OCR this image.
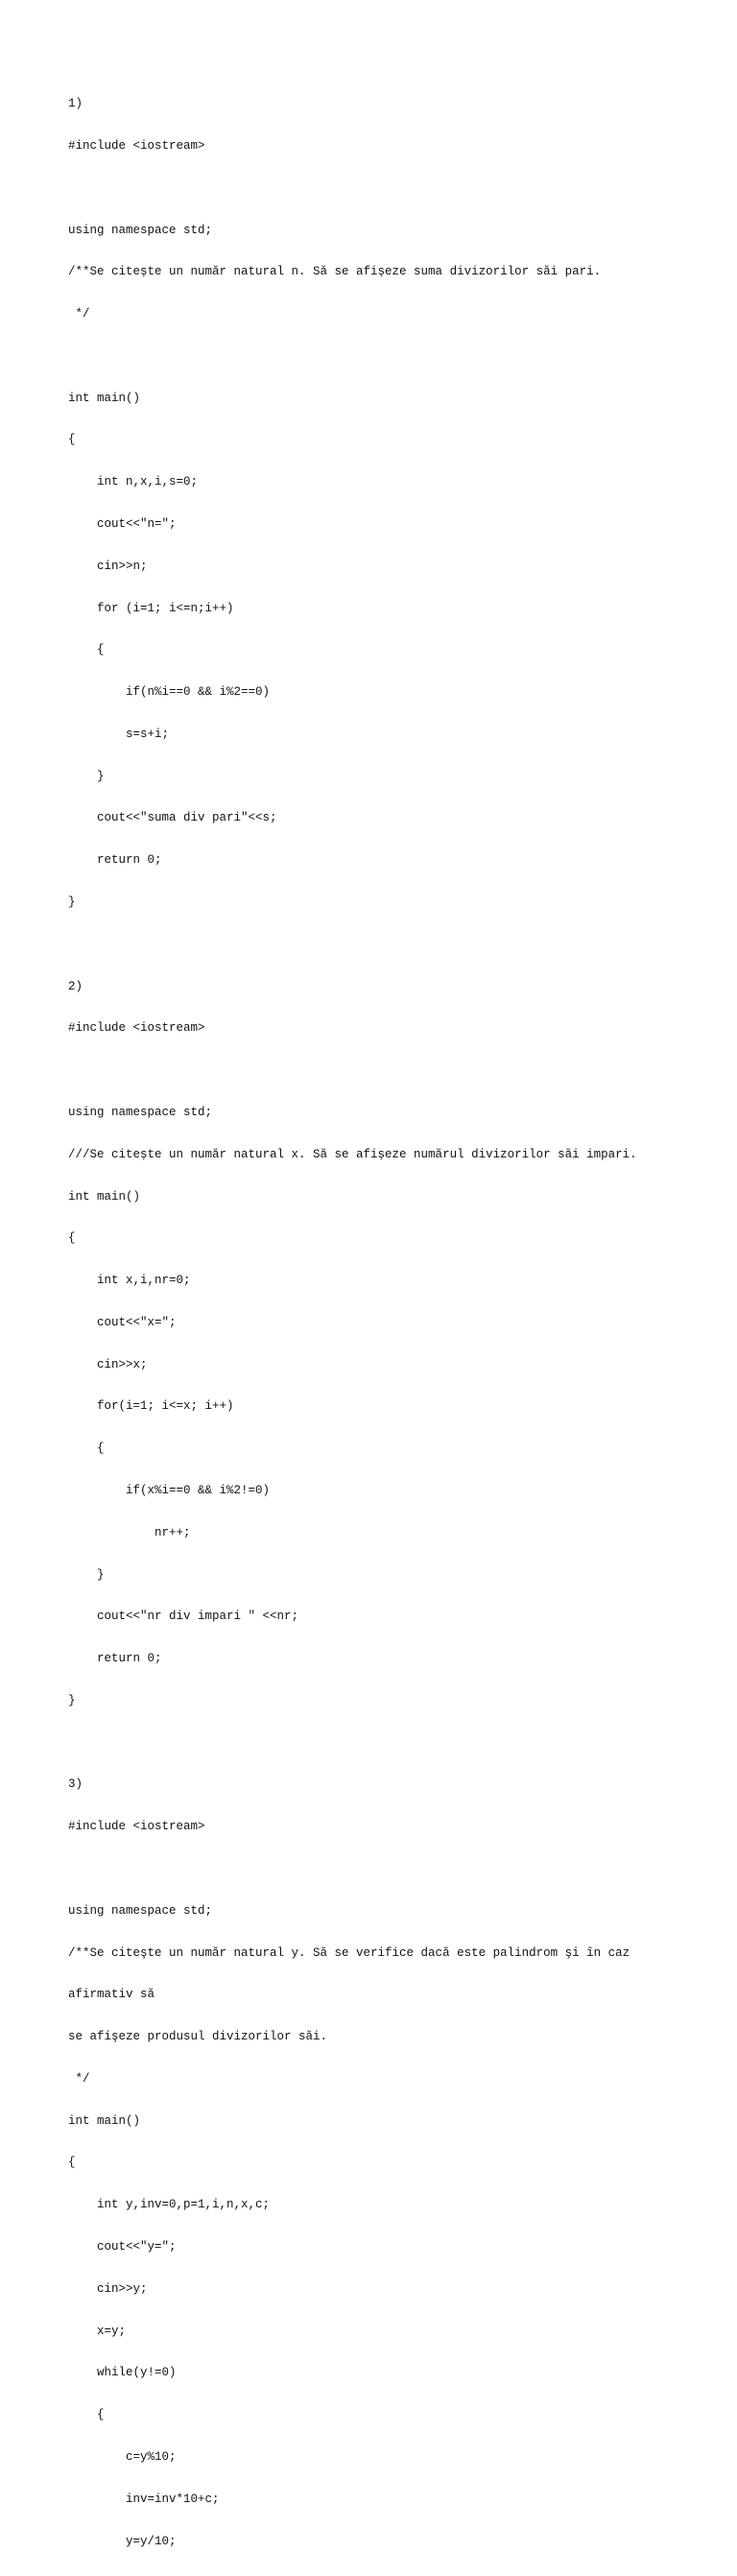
1)

#include <iostream>

using namespace std;

/**Se citește un număr natural n. Să se afișeze suma divizorilor săi pari.

*/

int main()

{

int n,x,i,s=0;

cout<<"n=";

cin>>n;

for (i=1; i<=n;i++)

{

if(n%i==0 && i%2==0)

s=s+i;

}

cout<<"suma div pari"<<s;

return 0;

}

2)

#include <iostream>

using namespace std;

///Se citește un număr natural x. Să se afișeze numărul divizorilor săi impari.

int main()

{

int x,i,nr=0;

cout<<"x=";

cin>>x;

for(i=1; i<=x; i++)

{

if(x%i==0 && i%2!=0)

nr++;

}

cout<<"nr div impari " <<nr;

return 0;

}

3)

#include <iostream>

using namespace std;

/**Se citeşte un număr natural y. Să se verifice dacă este palindrom şi în caz

afirmativ să

se afişeze produsul divizorilor săi.

*/

int main()

{

int y,inv=0,p=1,i,n,x,c;

cout<<"y=";

cin>>y;

x=y;

while(y!=0)

{

c=y%10;

inv=inv*10+c;

y=y/10;
